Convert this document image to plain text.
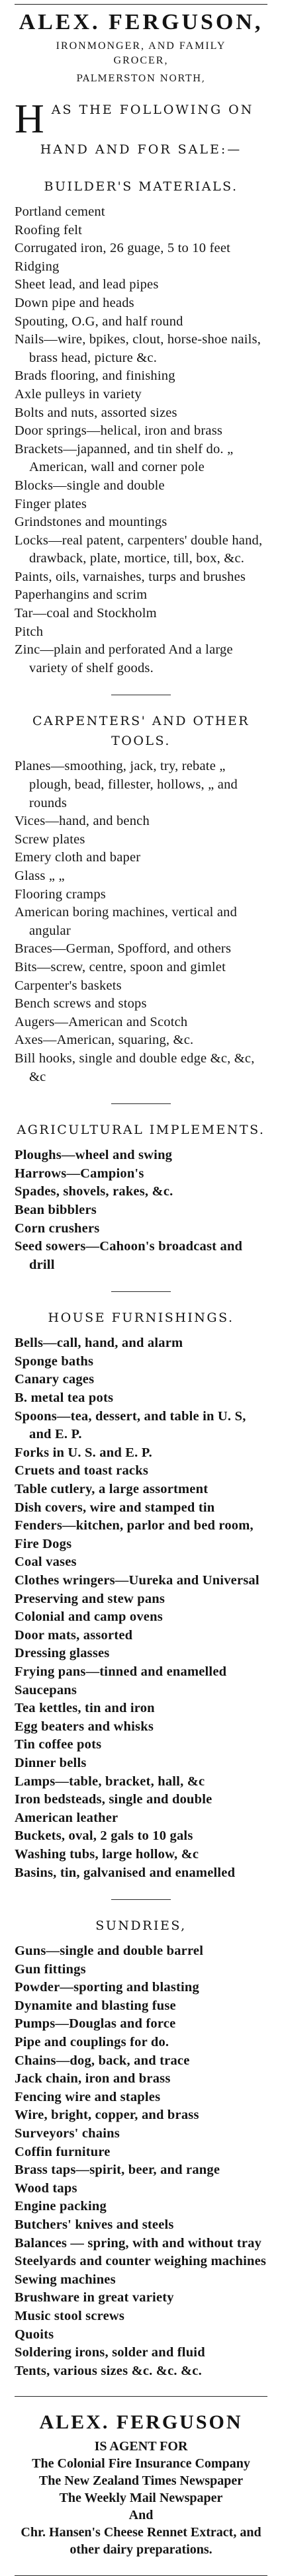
ALEX. FERGUSON,
IRONMONGER, AND FAMILY
GROCER,
PALMERSTON NORTH,
H AS THE FOLLOWING ON
HAND AND FOR SALE:—
BUILDER'S MATERIALS.
Portland cement
Roofing felt
Corrugated iron, 26 guage, 5 to 10 feet
Ridging
Sheet lead, and lead pipes
Down pipe and heads
Spouting, O.G, and half round
Nails—wire, bpikes, clout, horse-shoe nails, brass head, picture &c.
Brads flooring, and finishing
Axle pulleys in variety
Bolts and nuts, assorted sizes
Door springs—helical, iron and brass
Brackets—japanned, and tin shelf do. „ American, wall and corner pole
Blocks—single and double
Finger plates
Grindstones and mountings
Locks—real patent, carpenters' double hand, drawback, plate, mortice, till, box, &c.
Paints, oils, varnaishes, turps and brushes
Paperhangins and scrim
Tar—coal and Stockholm
Pitch
Zinc—plain and perforated And a large variety of shelf goods.
CARPENTERS' AND OTHER TOOLS.
Planes—smoothing, jack, try, rebate „ plough, bead, fillester, hollows, „ and rounds
Vices—hand, and bench
Screw plates
Emery cloth and baper
Glass „ „
Flooring cramps
American boring machines, vertical and angular
Braces—German, Spofford, and others
Bits—screw, centre, spoon and gimlet
Carpenter's baskets
Bench screws and stops
Augers—American and Scotch
Axes—American, squaring, &c.
Bill hooks, single and double edge &c, &c, &c
AGRICULTURAL IMPLEMENTS.
Ploughs—wheel and swing
Harrows—Campion's
Spades, shovels, rakes, &c.
Bean bibblers
Corn crushers
Seed sowers—Cahoon's broadcast and drill
HOUSE FURNISHINGS.
Bells—call, hand, and alarm
Sponge baths
Canary cages
B. metal tea pots
Spoons—tea, dessert, and table in U. S, and E. P.
Forks in U. S. and E. P.
Cruets and toast racks
Table cutlery, a large assortment
Dish covers, wire and stamped tin
Fenders—kitchen, parlor and bed room,
Fire Dogs
Coal vases
Clothes wringers—Uureka and Universal
Preserving and stew pans
Colonial and camp ovens
Door mats, assorted
Dressing glasses
Frying pans—tinned and enamelled
Saucepans
Tea kettles, tin and iron
Egg beaters and whisks
Tin coffee pots
Dinner bells
Lamps—table, bracket, hall, &c
Iron bedsteads, single and double
American leather
Buckets, oval, 2 gals to 10 gals
Washing tubs, large hollow, &c
Basins, tin, galvanised and enamelled
SUNDRIES,
Guns—single and double barrel
Gun fittings
Powder—sporting and blasting
Dynamite and blasting fuse
Pumps—Douglas and force
Pipe and couplings for do.
Chains—dog, back, and trace
Jack chain, iron and brass
Fencing wire and staples
Wire, bright, copper, and brass
Surveyors' chains
Coffin furniture
Brass taps—spirit, beer, and range
Wood taps
Engine packing
Butchers' knives and steels
Balances — spring, with and without tray
Steelyards and counter weighing machines
Sewing machines
Brushware in great variety
Music stool screws
Quoits
Soldering irons, solder and fluid
Tents, various sizes &c. &c. &c.
ALEX. FERGUSON
IS AGENT FOR
The Colonial Fire Insurance Company
The New Zealand Times Newspaper
The Weekly Mail Newspaper
And
Chr. Hansen's Cheese Rennet Extract, and other dairy preparations.
